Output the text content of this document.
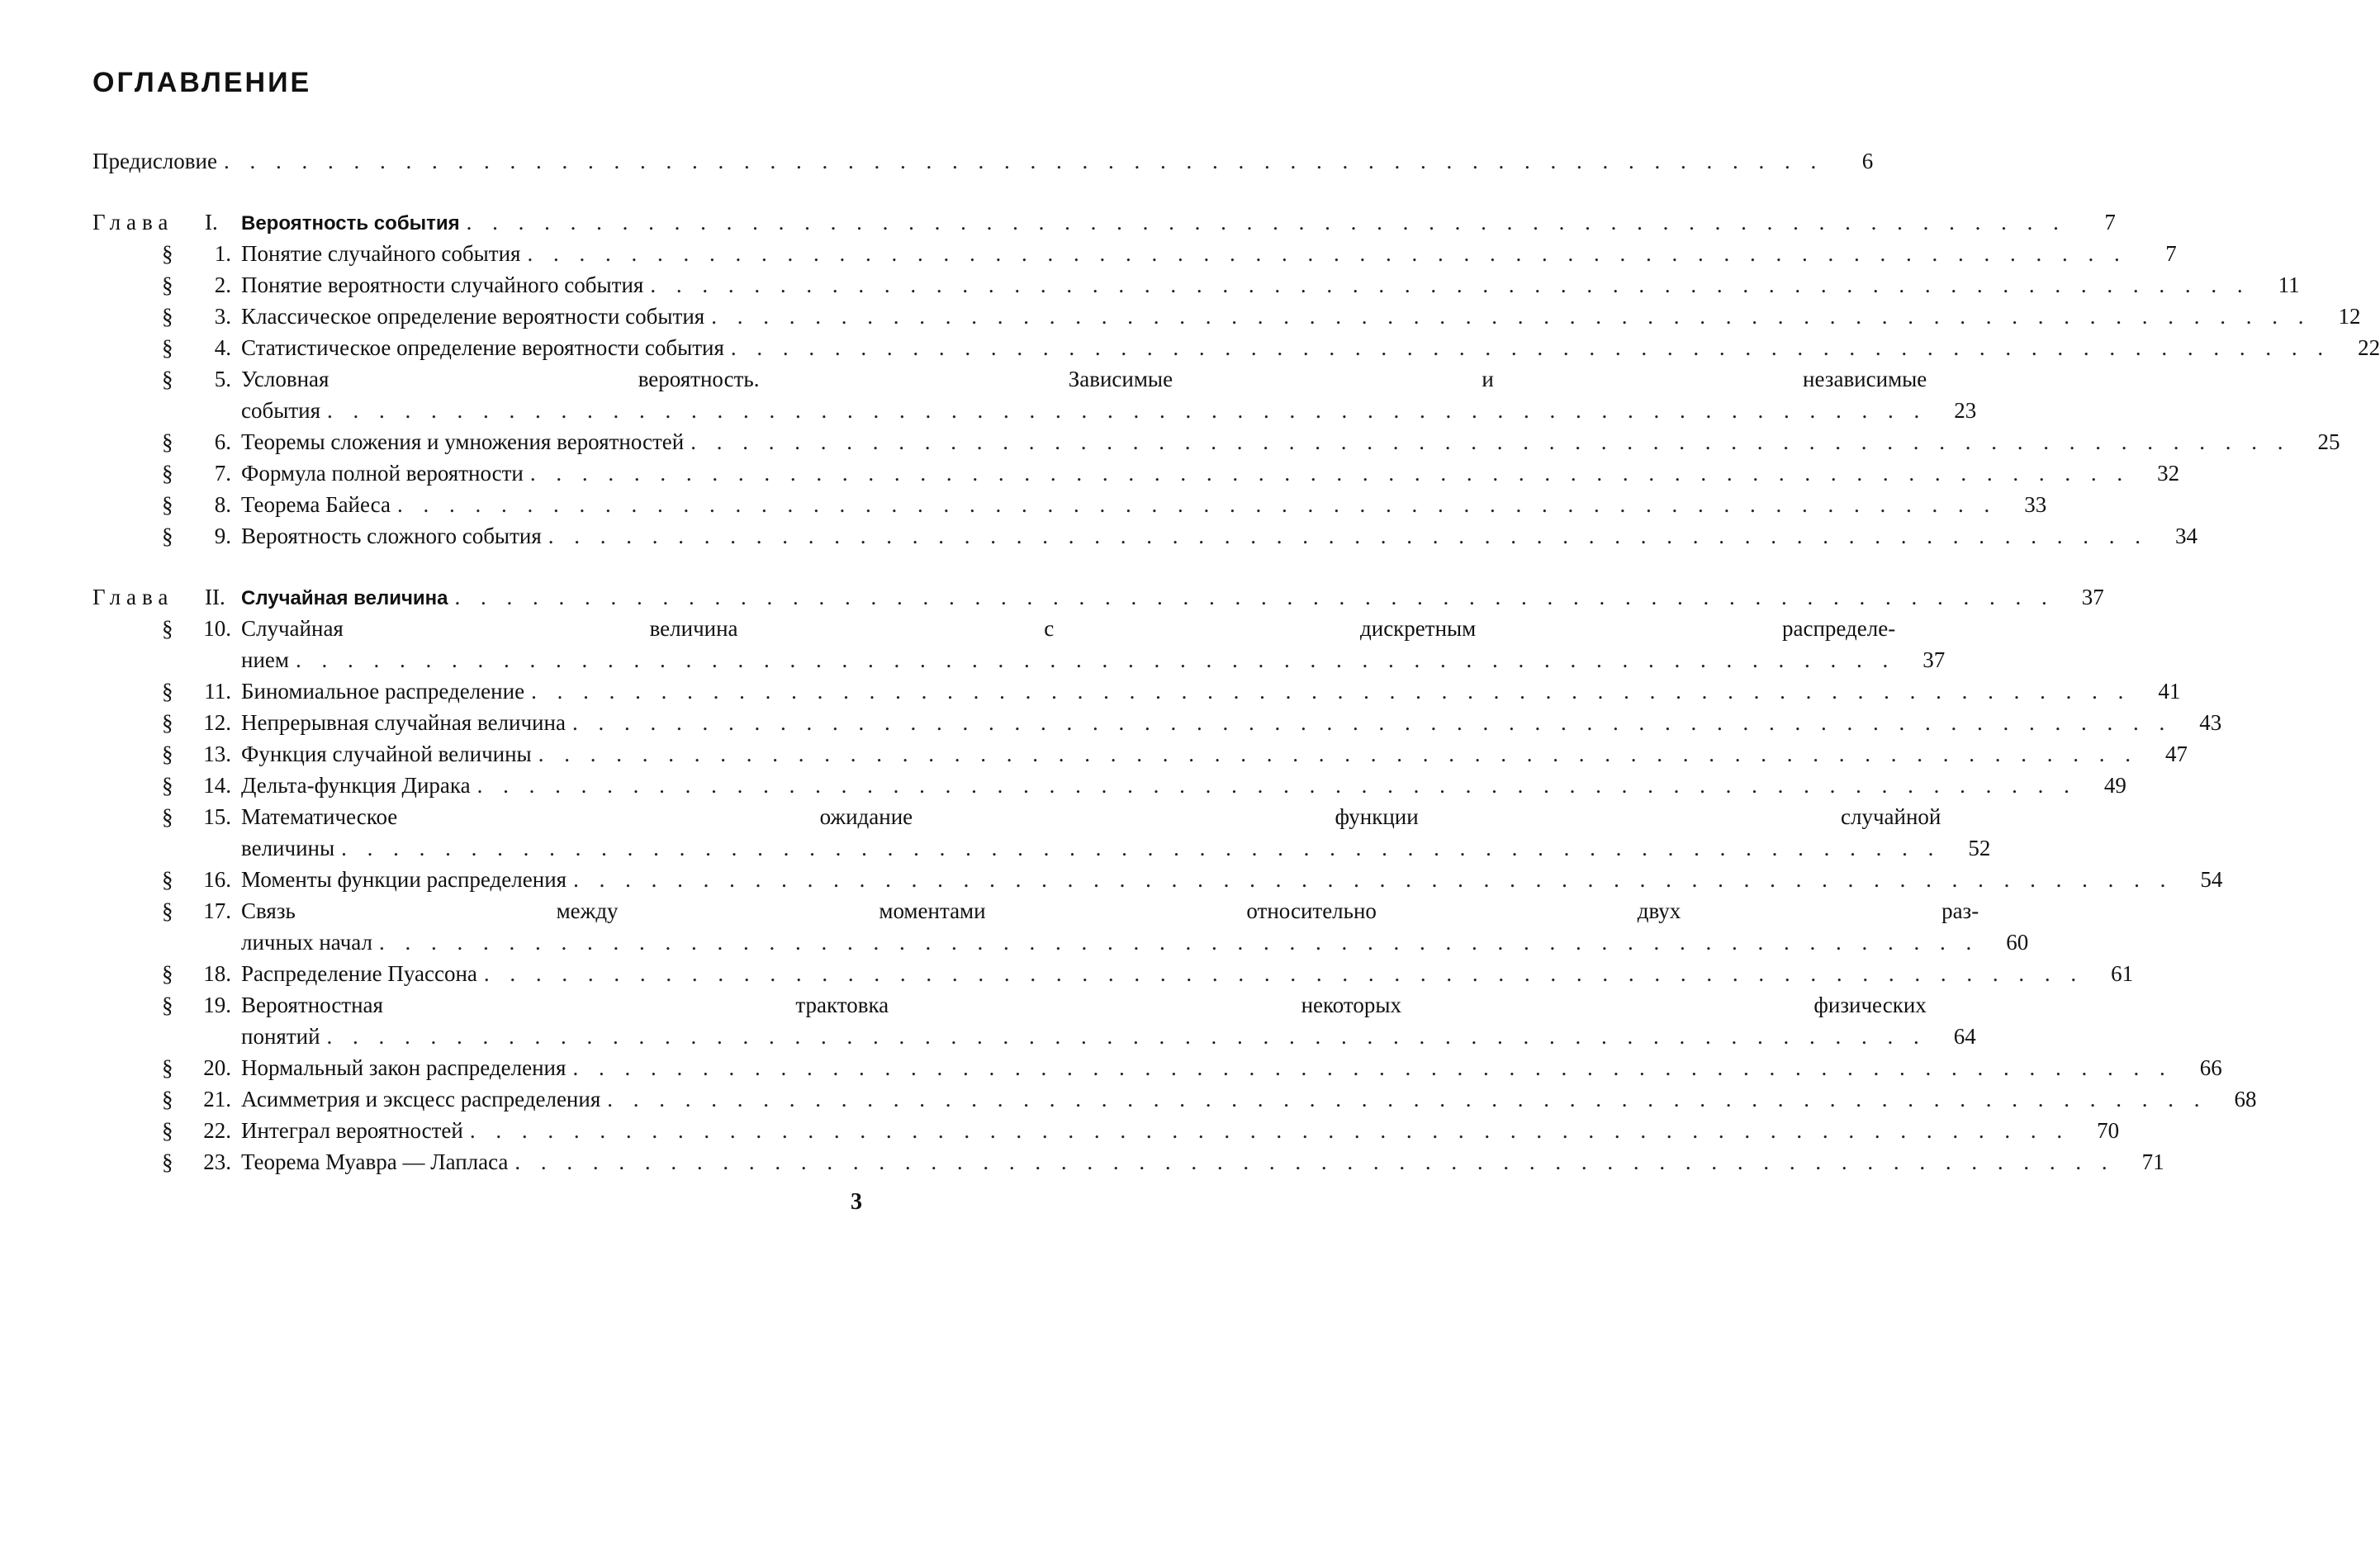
ОГЛАВЛЕНИЕ
Предисловие . . .	6
Глава	I.	Вероятность события . . .	7
§	1. Понятие случайного события . . .	7
§	2. Понятие вероятности случайного события . . .	11
§	3. Классическое определение вероятности события . . .	12
§	4. Статистическое определение вероятности события . . .	22
§	5. Условная вероятность. Зависимые и независимые
события . . .	23
§	6. Теоремы сложения и умножения вероятностей . . .	25
§	7. Формула полной вероятности . . .	32
§	8. Теорема Байеса . . .	33
§	9. Вероятность сложного события . . .	34
Глава	II. Случайная величина . . .	37
§	10. Случайная величина с дискретным распределе-
нием . . .	37
§	11. Биномиальное распределение . . .	41
§	12. Непрерывная случайная величина . . .	43
§	13. Функция случайной величины . . .	47
§	14. Дельта-функция Дирака . . .	49
§	15. Математическое ожидание функции случайной
величины . . .	52
§	16. Моменты функции распределения . . .	54
§	17. Связь между моментами относительно двух раз-
личных начал . . .	60
§	18. Распределение Пуассона . . .	61
§	19. Вероятностная трактовка некоторых физических
понятий . . .	64
§	20. Нормальный закон распределения . . .	66
§	21. Асимметрия и эксцесс распределения . . .	68
§	22. Интеграл вероятностей . . .	70
§	23. Теорема Муавра — Лапласа . . .	71
3
